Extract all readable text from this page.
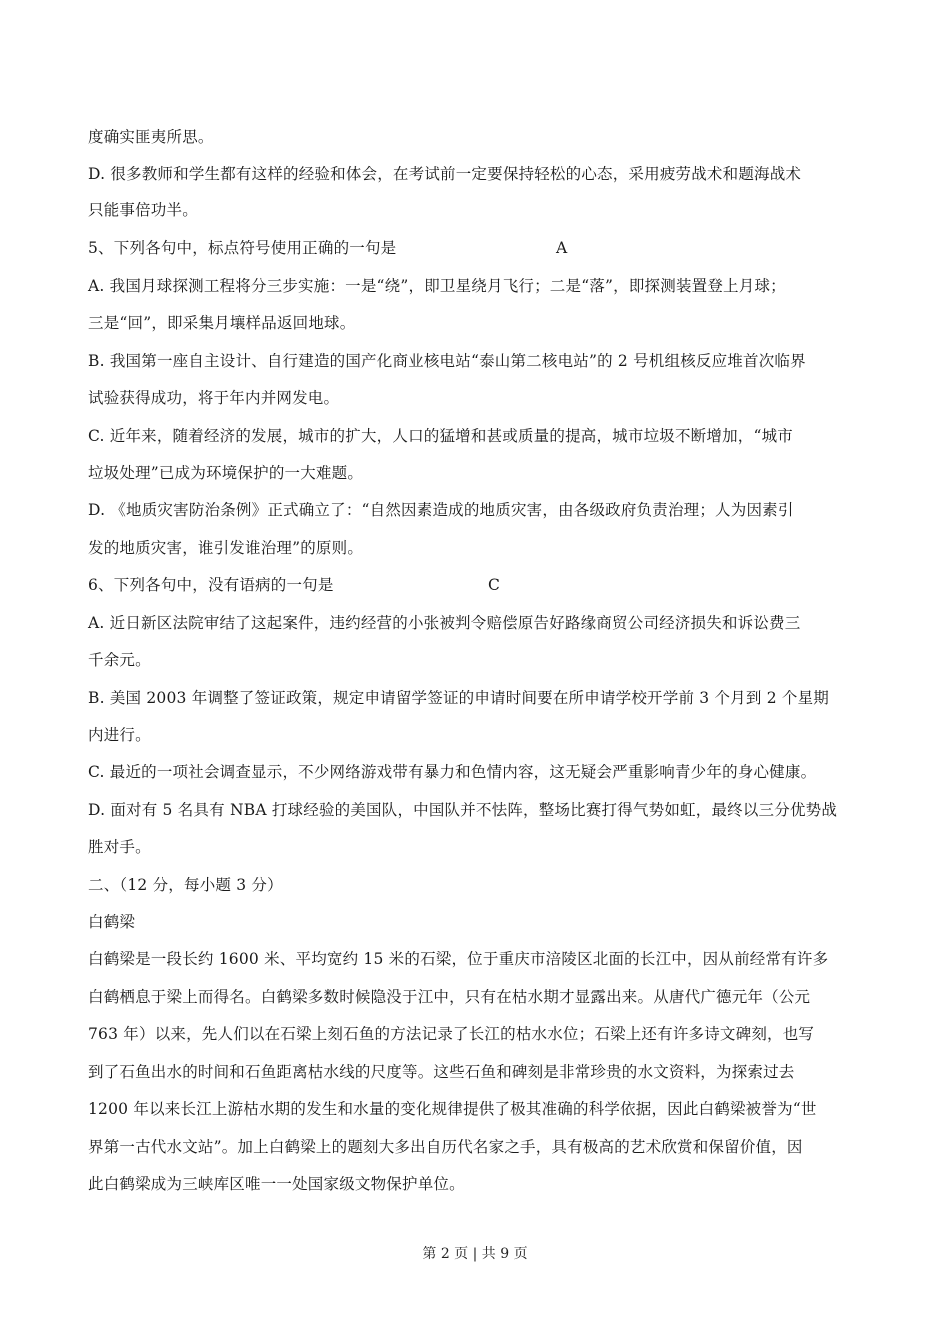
度确实匪夷所思。
D. 很多教师和学生都有这样的经验和体会，在考试前一定要保持轻松的心态，采用疲劳战术和题海战术
只能事倍功半。
5、下列各句中，标点符号使用正确的一句是	A
A. 我国月球探测工程将分三步实施：一是“绕”，即卫星绕月飞行；二是“落”，即探测装置登上月球；
三是“回”，即采集月壤样品返回地球。
B. 我国第一座自主设计、自行建造的国产化商业核电站“泰山第二核电站”的 2 号机组核反应堆首次临界
试验获得成功，将于年内并网发电。
C. 近年来，随着经济的发展，城市的扩大，人口的猛增和甚或质量的提高，城市垃圾不断增加，“城市
垃圾处理”已成为环境保护的一大难题。
D. 《地质灾害防治条例》正式确立了：“自然因素造成的地质灾害，由各级政府负责治理；人为因素引
发的地质灾害，谁引发谁治理”的原则。
6、下列各句中，没有语病的一句是	C
A. 近日新区法院审结了这起案件，违约经营的小张被判令赔偿原告好路缘商贸公司经济损失和诉讼费三
千余元。
B. 美国 2003 年调整了签证政策，规定申请留学签证的申请时间要在所申请学校开学前 3 个月到 2 个星期
内进行。
C. 最近的一项社会调查显示，不少网络游戏带有暴力和色情内容，这无疑会严重影响青少年的身心健康。
D. 面对有 5 名具有 NBA 打球经验的美国队，中国队并不怯阵，整场比赛打得气势如虹，最终以三分优势战
胜对手。
二、（12 分，每小题 3 分）
白鹤梁
白鹤梁是一段长约 1600 米、平均宽约 15 米的石梁，位于重庆市涪陵区北面的长江中，因从前经常有许多
白鹤栖息于梁上而得名。白鹤梁多数时候隐没于江中，只有在枯水期才显露出来。从唐代广德元年（公元
763 年）以来，先人们以在石梁上刻石鱼的方法记录了长江的枯水水位；石梁上还有许多诗文碑刻，也写
到了石鱼出水的时间和石鱼距离枯水线的尺度等。这些石鱼和碑刻是非常珍贵的水文资料，为探索过去
1200 年以来长江上游枯水期的发生和水量的变化规律提供了极其准确的科学依据，因此白鹤梁被誉为“世
界第一古代水文站”。加上白鹤梁上的题刻大多出自历代名家之手，具有极高的艺术欣赏和保留价值，因
此白鹤梁成为三峡库区唯一一处国家级文物保护单位。
第 2 页 | 共 9 页
